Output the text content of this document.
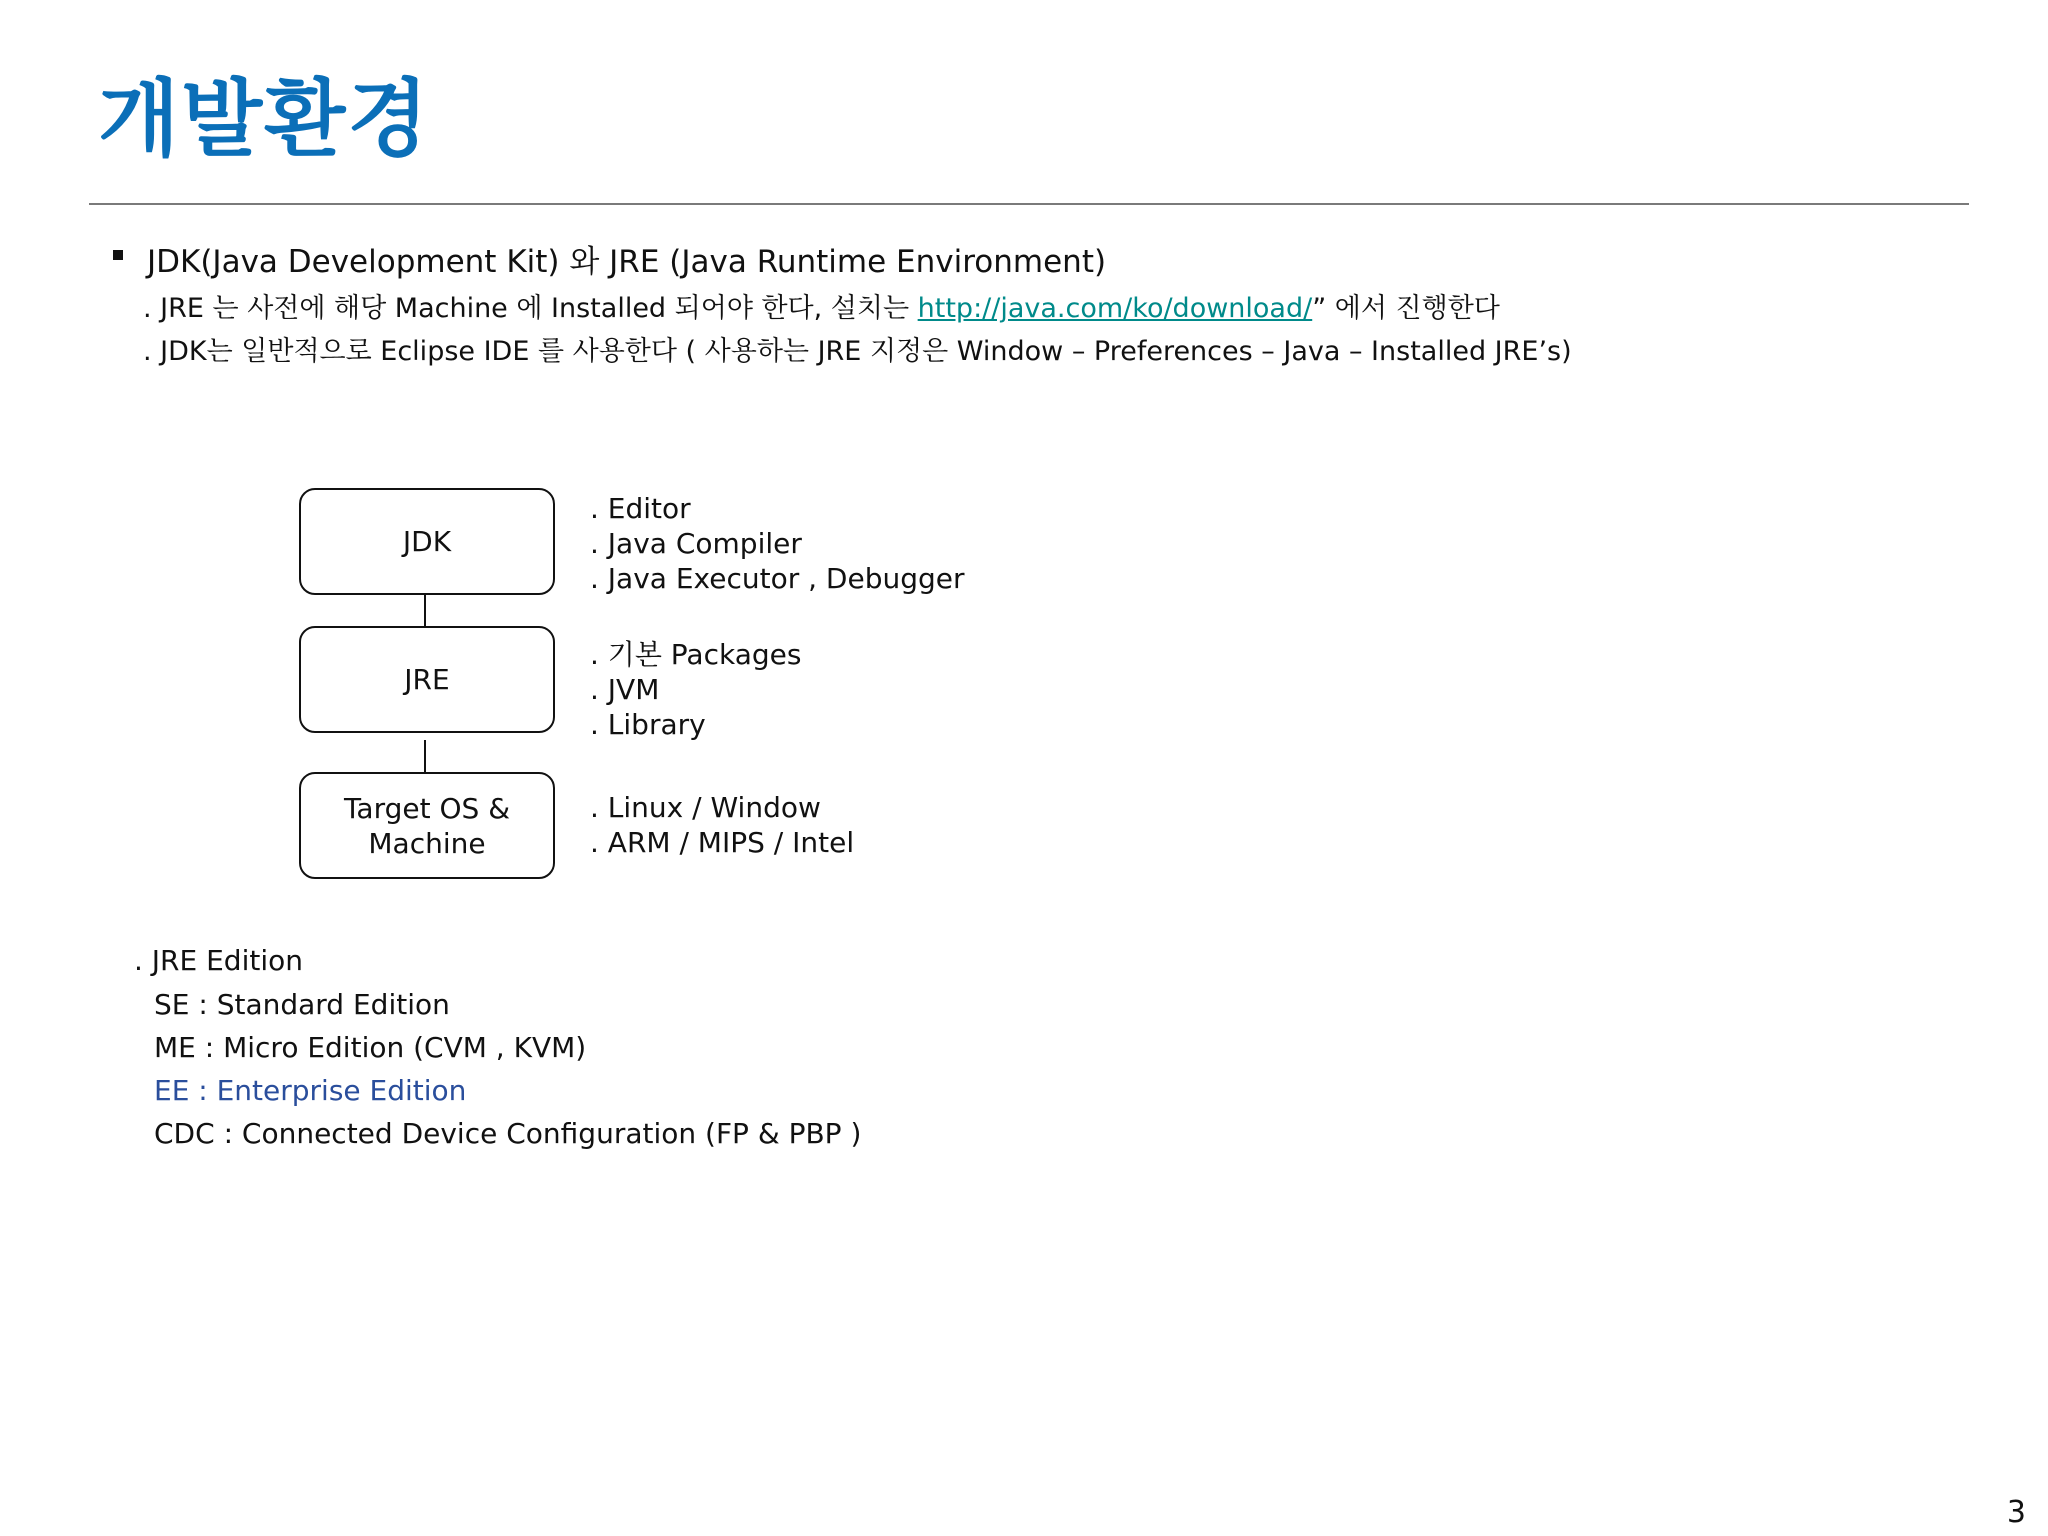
개발환경
JDK(Java Development Kit) 와 JRE (Java Runtime Environment)
. JRE 는 사전에 해당 Machine 에 Installed 되어야 한다, 설치는 http://java.com/ko/download/” 에서 진행한다
. JDK는 일반적으로 Eclipse IDE 를 사용한다 ( 사용하는 JRE 지정은 Window – Preferences – Java – Installed JRE’s)
JDK
JRE
Target OS &
Machine
. Editor
. Java Compiler
. Java Executor , Debugger
. 기본 Packages
. JVM
. Library
. Linux / Window
. ARM / MIPS / Intel
. JRE Edition
SE : Standard Edition
ME : Micro Edition (CVM , KVM)
EE : Enterprise Edition
CDC : Connected Device Configuration (FP & PBP )
3
